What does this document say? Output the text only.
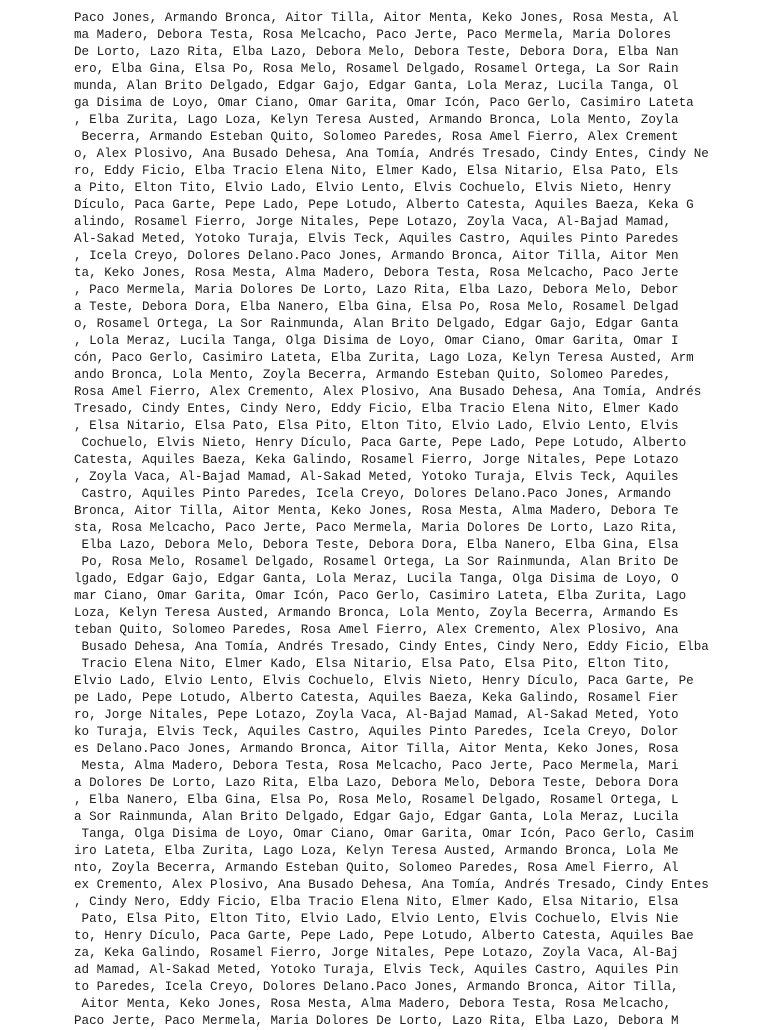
Paco Jones, Armando Bronca, Aitor Tilla, Aitor Menta, Keko Jones, Rosa Mesta, Al
ma Madero, Debora Testa, Rosa Melcacho, Paco Jerte, Paco Mermela, Maria Dolores
De Lorto, Lazo Rita, Elba Lazo, Debora Melo, Debora Teste, Debora Dora, Elba Nan
ero, Elba Gina, Elsa Po, Rosa Melo, Rosamel Delgado, Rosamel Ortega, La Sor Rain
munda, Alan Brito Delgado, Edgar Gajo, Edgar Ganta, Lola Meraz, Lucila Tanga, Ol
ga Disima de Loyo, Omar Ciano, Omar Garita, Omar Icón, Paco Gerlo, Casimiro Lateta
, Elba Zurita, Lago Loza, Kelyn Teresa Austed, Armando Bronca, Lola Mento, Zoyla
Becerra, Armando Esteban Quito, Solomeo Paredes, Rosa Amel Fierro, Alex Crement
o, Alex Plosivo, Ana Busado Dehesa, Ana Tomía, Andrés Tresado, Cindy Entes, Cindy Ne
ro, Eddy Ficio, Elba Tracio Elena Nito, Elmer Kado, Elsa Nitario, Elsa Pato, Els
a Pito, Elton Tito, Elvio Lado, Elvio Lento, Elvis Cochuelo, Elvis Nieto, Henry
Dículo, Paca Garte, Pepe Lado, Pepe Lotudo, Alberto Catesta, Aquiles Baeza, Keka G
alindo, Rosamel Fierro, Jorge Nitales, Pepe Lotazo, Zoyla Vaca, Al-Bajad Mamad,
Al-Sakad Meted, Yotoko Turaja, Elvis Teck, Aquiles Castro, Aquiles Pinto Paredes
, Icela Creyo, Dolores Delano.Paco Jones, Armando Bronca, Aitor Tilla, Aitor Men
ta, Keko Jones, Rosa Mesta, Alma Madero, Debora Testa, Rosa Melcacho, Paco Jerte
, Paco Mermela, Maria Dolores De Lorto, Lazo Rita, Elba Lazo, Debora Melo, Debor
a Teste, Debora Dora, Elba Nanero, Elba Gina, Elsa Po, Rosa Melo, Rosamel Delgad
o, Rosamel Ortega, La Sor Rainmunda, Alan Brito Delgado, Edgar Gajo, Edgar Ganta
, Lola Meraz, Lucila Tanga, Olga Disima de Loyo, Omar Ciano, Omar Garita, Omar I
cón, Paco Gerlo, Casimiro Lateta, Elba Zurita, Lago Loza, Kelyn Teresa Austed, Arm
ando Bronca, Lola Mento, Zoyla Becerra, Armando Esteban Quito, Solomeo Paredes,
Rosa Amel Fierro, Alex Cremento, Alex Plosivo, Ana Busado Dehesa, Ana Tomía, Andrés
Tresado, Cindy Entes, Cindy Nero, Eddy Ficio, Elba Tracio Elena Nito, Elmer Kado
, Elsa Nitario, Elsa Pato, Elsa Pito, Elton Tito, Elvio Lado, Elvio Lento, Elvis
Cochuelo, Elvis Nieto, Henry Dículo, Paca Garte, Pepe Lado, Pepe Lotudo, Alberto
Catesta, Aquiles Baeza, Keka Galindo, Rosamel Fierro, Jorge Nitales, Pepe Lotazo
, Zoyla Vaca, Al-Bajad Mamad, Al-Sakad Meted, Yotoko Turaja, Elvis Teck, Aquiles
Castro, Aquiles Pinto Paredes, Icela Creyo, Dolores Delano.Paco Jones, Armando
Bronca, Aitor Tilla, Aitor Menta, Keko Jones, Rosa Mesta, Alma Madero, Debora Te
sta, Rosa Melcacho, Paco Jerte, Paco Mermela, Maria Dolores De Lorto, Lazo Rita,
Elba Lazo, Debora Melo, Debora Teste, Debora Dora, Elba Nanero, Elba Gina, Elsa
Po, Rosa Melo, Rosamel Delgado, Rosamel Ortega, La Sor Rainmunda, Alan Brito De
lgado, Edgar Gajo, Edgar Ganta, Lola Meraz, Lucila Tanga, Olga Disima de Loyo, O
mar Ciano, Omar Garita, Omar Icón, Paco Gerlo, Casimiro Lateta, Elba Zurita, Lago
Loza, Kelyn Teresa Austed, Armando Bronca, Lola Mento, Zoyla Becerra, Armando Es
teban Quito, Solomeo Paredes, Rosa Amel Fierro, Alex Cremento, Alex Plosivo, Ana
Busado Dehesa, Ana Tomía, Andrés Tresado, Cindy Entes, Cindy Nero, Eddy Ficio, Elba
Tracio Elena Nito, Elmer Kado, Elsa Nitario, Elsa Pato, Elsa Pito, Elton Tito,
Elvio Lado, Elvio Lento, Elvis Cochuelo, Elvis Nieto, Henry Dículo, Paca Garte, Pe
pe Lado, Pepe Lotudo, Alberto Catesta, Aquiles Baeza, Keka Galindo, Rosamel Fier
ro, Jorge Nitales, Pepe Lotazo, Zoyla Vaca, Al-Bajad Mamad, Al-Sakad Meted, Yoto
ko Turaja, Elvis Teck, Aquiles Castro, Aquiles Pinto Paredes, Icela Creyo, Dolor
es Delano.Paco Jones, Armando Bronca, Aitor Tilla, Aitor Menta, Keko Jones, Rosa
Mesta, Alma Madero, Debora Testa, Rosa Melcacho, Paco Jerte, Paco Mermela, Mari
a Dolores De Lorto, Lazo Rita, Elba Lazo, Debora Melo, Debora Teste, Debora Dora
, Elba Nanero, Elba Gina, Elsa Po, Rosa Melo, Rosamel Delgado, Rosamel Ortega, L
a Sor Rainmunda, Alan Brito Delgado, Edgar Gajo, Edgar Ganta, Lola Meraz, Lucila
Tanga, Olga Disima de Loyo, Omar Ciano, Omar Garita, Omar Icón, Paco Gerlo, Casim
iro Lateta, Elba Zurita, Lago Loza, Kelyn Teresa Austed, Armando Bronca, Lola Me
nto, Zoyla Becerra, Armando Esteban Quito, Solomeo Paredes, Rosa Amel Fierro, Al
ex Cremento, Alex Plosivo, Ana Busado Dehesa, Ana Tomía, Andrés Tresado, Cindy Entes
, Cindy Nero, Eddy Ficio, Elba Tracio Elena Nito, Elmer Kado, Elsa Nitario, Elsa
Pato, Elsa Pito, Elton Tito, Elvio Lado, Elvio Lento, Elvis Cochuelo, Elvis Nie
to, Henry Dículo, Paca Garte, Pepe Lado, Pepe Lotudo, Alberto Catesta, Aquiles Bae
za, Keka Galindo, Rosamel Fierro, Jorge Nitales, Pepe Lotazo, Zoyla Vaca, Al-Baj
ad Mamad, Al-Sakad Meted, Yotoko Turaja, Elvis Teck, Aquiles Castro, Aquiles Pin
to Paredes, Icela Creyo, Dolores Delano.Paco Jones, Armando Bronca, Aitor Tilla,
Aitor Menta, Keko Jones, Rosa Mesta, Alma Madero, Debora Testa, Rosa Melcacho,
Paco Jerte, Paco Mermela, Maria Dolores De Lorto, Lazo Rita, Elba Lazo, Debora M
